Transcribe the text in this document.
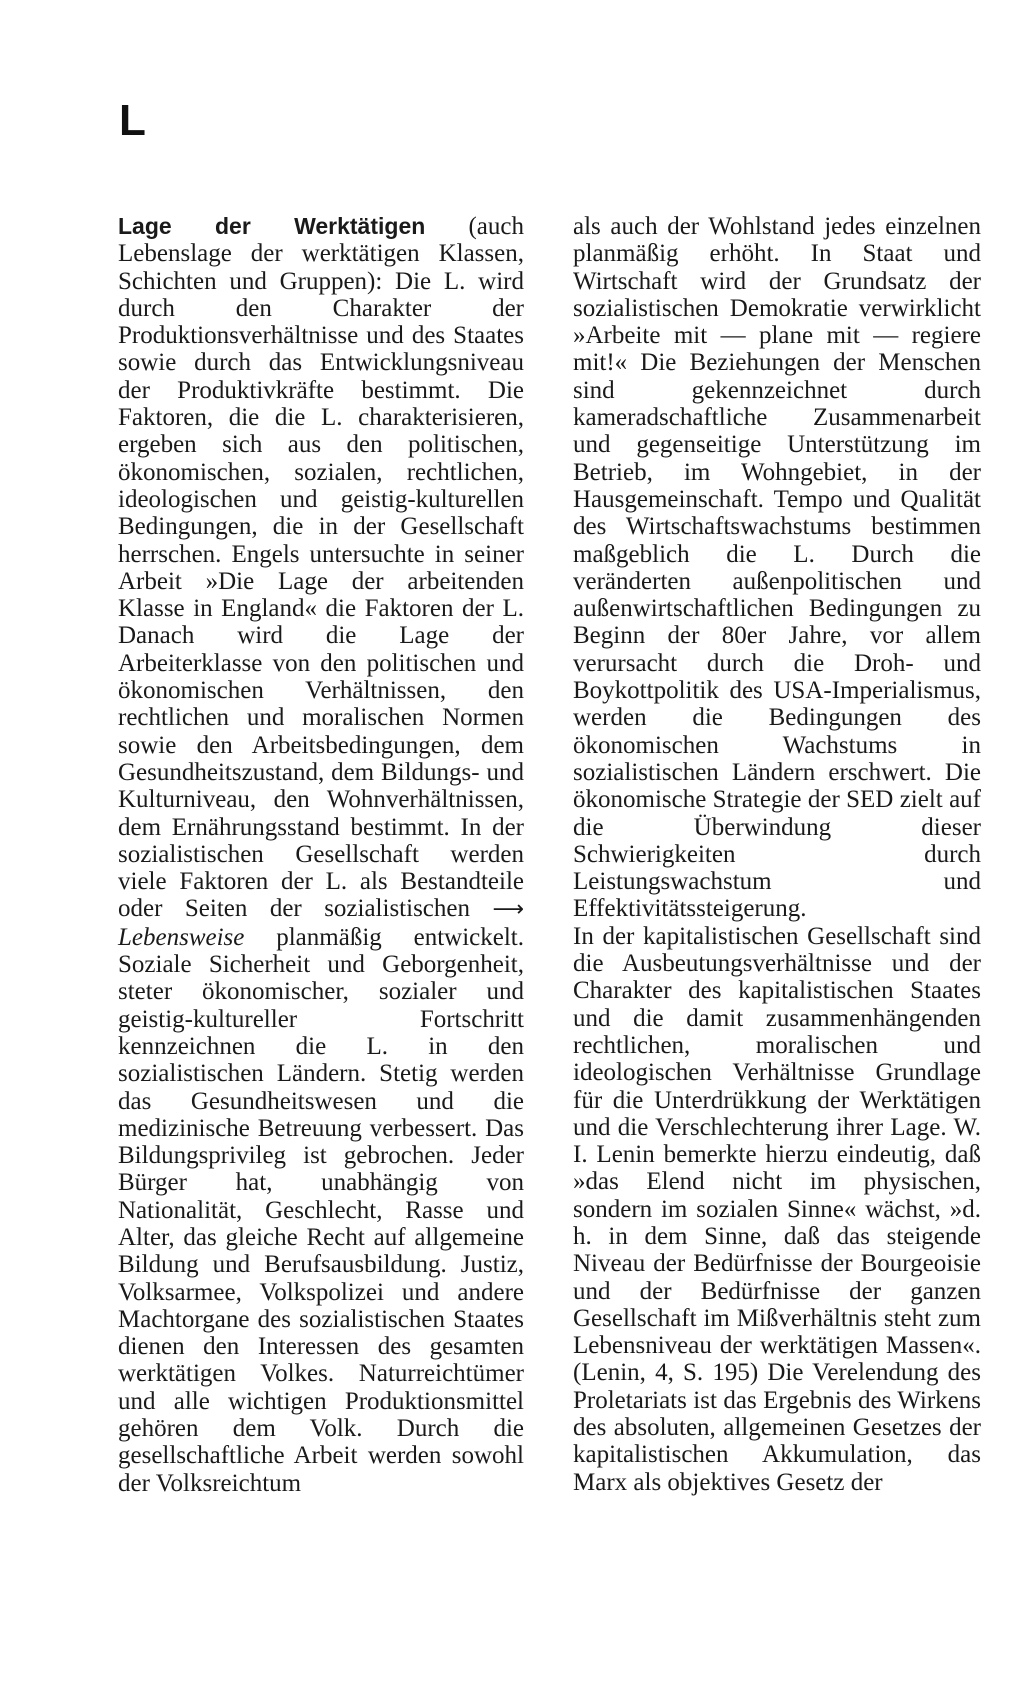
L
Lage der Werktätigen (auch Lebenslage der werktätigen Klassen, Schichten und Gruppen): Die L. wird durch den Charakter der Produktionsverhältnisse und des Staates sowie durch das Entwicklungsniveau der Produktivkräfte bestimmt. Die Faktoren, die die L. charakterisieren, ergeben sich aus den politischen, ökonomischen, sozialen, rechtlichen, ideologischen und geistig-kulturellen Bedingungen, die in der Gesellschaft herrschen. Engels untersuchte in seiner Arbeit »Die Lage der arbeitenden Klasse in England« die Faktoren der L. Danach wird die Lage der Arbeiterklasse von den politischen und ökonomischen Verhältnissen, den rechtlichen und moralischen Normen sowie den Arbeitsbedingungen, dem Gesundheitszustand, dem Bildungs- und Kulturniveau, den Wohnverhältnissen, dem Ernährungsstand bestimmt. In der sozialistischen Gesellschaft werden viele Faktoren der L. als Bestandteile oder Seiten der sozialistischen ⟶ Lebensweise planmäßig entwickelt. Soziale Sicherheit und Geborgenheit, steter ökonomischer, sozialer und geistig-kultureller Fortschritt kennzeichnen die L. in den sozialistischen Ländern. Stetig werden das Gesundheitswesen und die medizinische Betreuung verbessert. Das Bildungsprivileg ist gebrochen. Jeder Bürger hat, unabhängig von Nationalität, Geschlecht, Rasse und Alter, das gleiche Recht auf allgemeine Bildung und Berufsausbildung. Justiz, Volksarmee, Volkspolizei und andere Machtorgane des sozialistischen Staates dienen den Interessen des gesamten werktätigen Volkes. Naturreichtümer und alle wichtigen Produktionsmittel gehören dem Volk. Durch die gesellschaftliche Arbeit werden sowohl der Volksreichtum
als auch der Wohlstand jedes einzelnen planmäßig erhöht. In Staat und Wirtschaft wird der Grundsatz der sozialistischen Demokratie verwirklicht »Arbeite mit — plane mit — regiere mit!« Die Beziehungen der Menschen sind gekennzeichnet durch kameradschaftliche Zusammenarbeit und gegenseitige Unterstützung im Betrieb, im Wohngebiet, in der Hausgemeinschaft. Tempo und Qualität des Wirtschaftswachstums bestimmen maßgeblich die L. Durch die veränderten außenpolitischen und außenwirtschaftlichen Bedingungen zu Beginn der 80er Jahre, vor allem verursacht durch die Droh- und Boykottpolitik des USA-Imperialismus, werden die Bedingungen des ökonomischen Wachstums in sozialistischen Ländern erschwert. Die ökonomische Strategie der SED zielt auf die Überwindung dieser Schwierigkeiten durch Leistungswachstum und Effektivitätssteigerung.
In der kapitalistischen Gesellschaft sind die Ausbeutungsverhältnisse und der Charakter des kapitalistischen Staates und die damit zusammenhängenden rechtlichen, moralischen und ideologischen Verhältnisse Grundlage für die Unterdrükkung der Werktätigen und die Verschlechterung ihrer Lage. W. I. Lenin bemerkte hierzu eindeutig, daß »das Elend nicht im physischen, sondern im sozialen Sinne« wächst, »d. h. in dem Sinne, daß das steigende Niveau der Bedürfnisse der Bourgeoisie und der Bedürfnisse der ganzen Gesellschaft im Mißverhältnis steht zum Lebensniveau der werktätigen Massen«. (Lenin, 4, S. 195) Die Verelendung des Proletariats ist das Ergebnis des Wirkens des absoluten, allgemeinen Gesetzes der kapitalistischen Akkumulation, das Marx als objektives Gesetz der
